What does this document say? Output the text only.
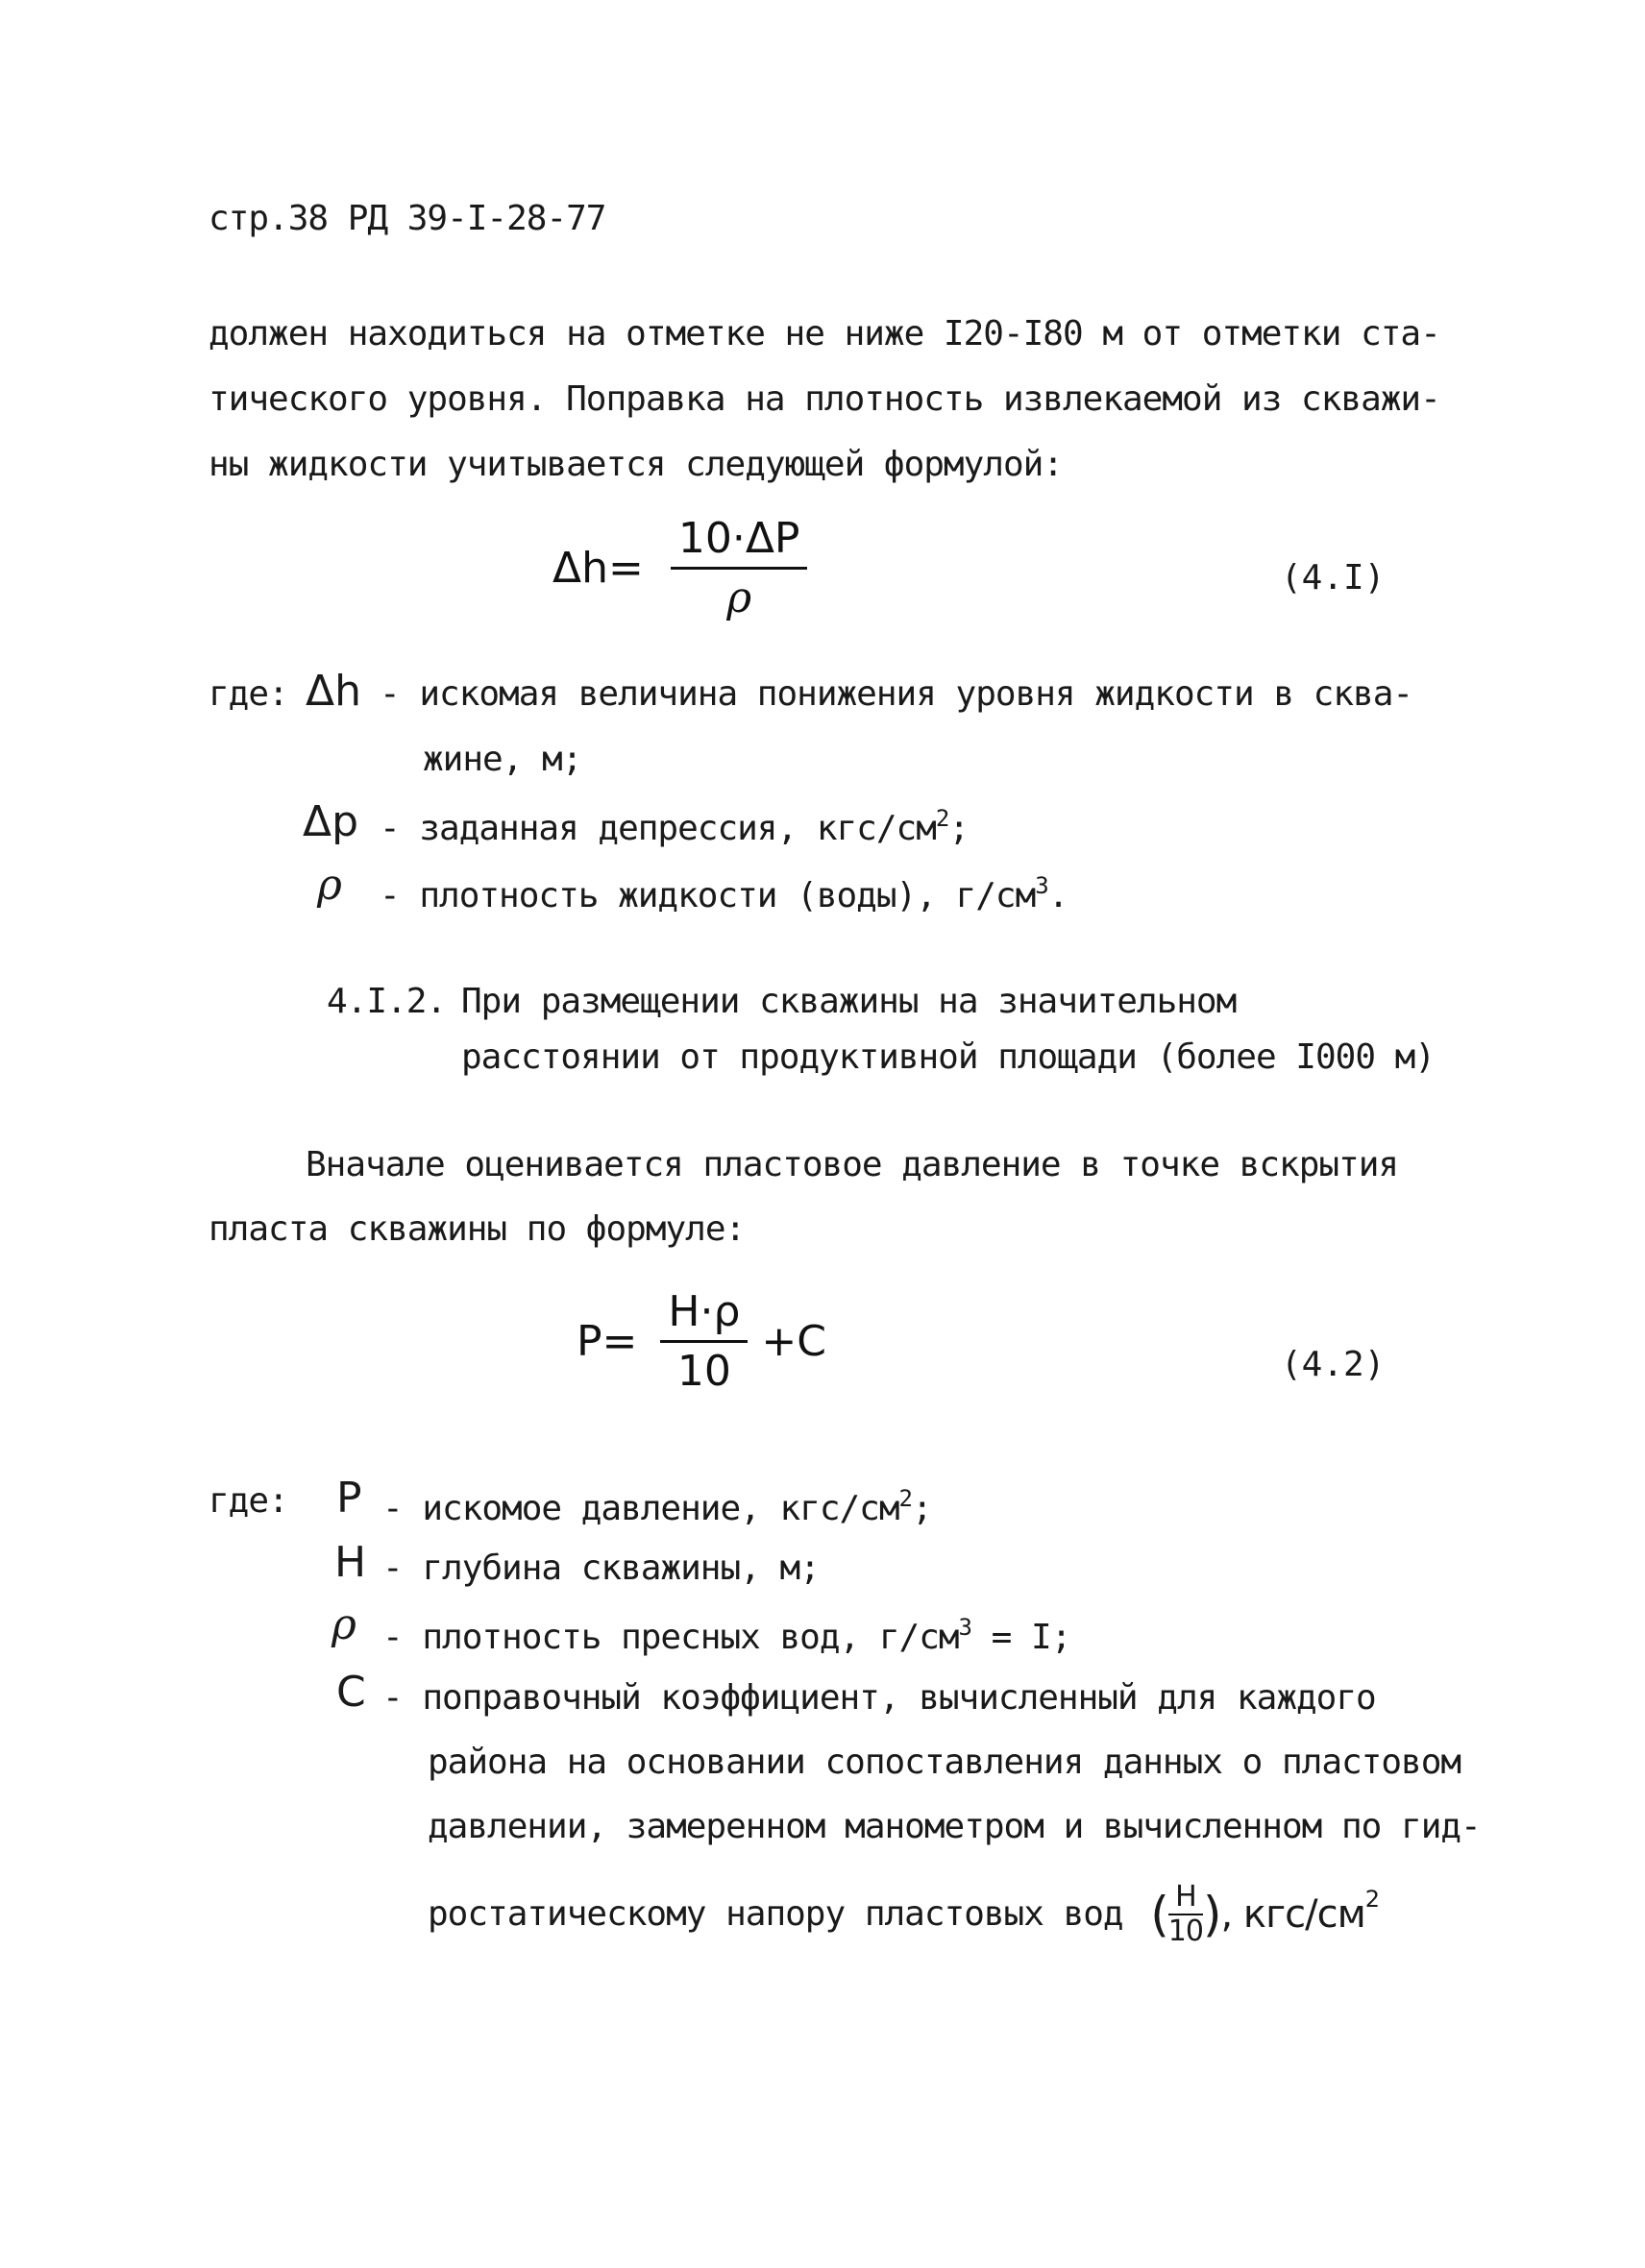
стр.38 РД 39-I-28-77
должен находиться на отметке не ниже I20-I80 м от отметки ста-
тического уровня. Поправка на плотность извлекаемой из скважи-
ны жидкости учитывается следующей формулой:
$\Delta h= \frac{10\cdot\Delta P}{\rho}$	(4.I)
где: Δh - искомая величина понижения уровня жидкости в сква-
жине, м;
Δp - заданная депрессия, кгс/$см^2$;
ρ - плотность жидкости (воды), $г/см^3$.
4.I.2. При размещении скважины на значительном
расстоянии от продуктивной площади (более I000 м)
Вначале оценивается пластовое давление в точке вскрытия
пласта скважины по формуле:
$P= \frac{H\cdot\rho}{10} +C$	(4.2)
где: P - искомое давление, кгс/$см^2$;
H - глубина скважины, м;
ρ - плотность пресных вод, $г/см^3 = I$;
C - поправочный коэффициент, вычисленный для каждого
района на основании сопоставления данных о пластовом
давлении, замеренном манометром и вычисленном по гид-
ростатическому напору пластовых вод ( $\frac{H}{10}$ ), кгс/$см^2$
